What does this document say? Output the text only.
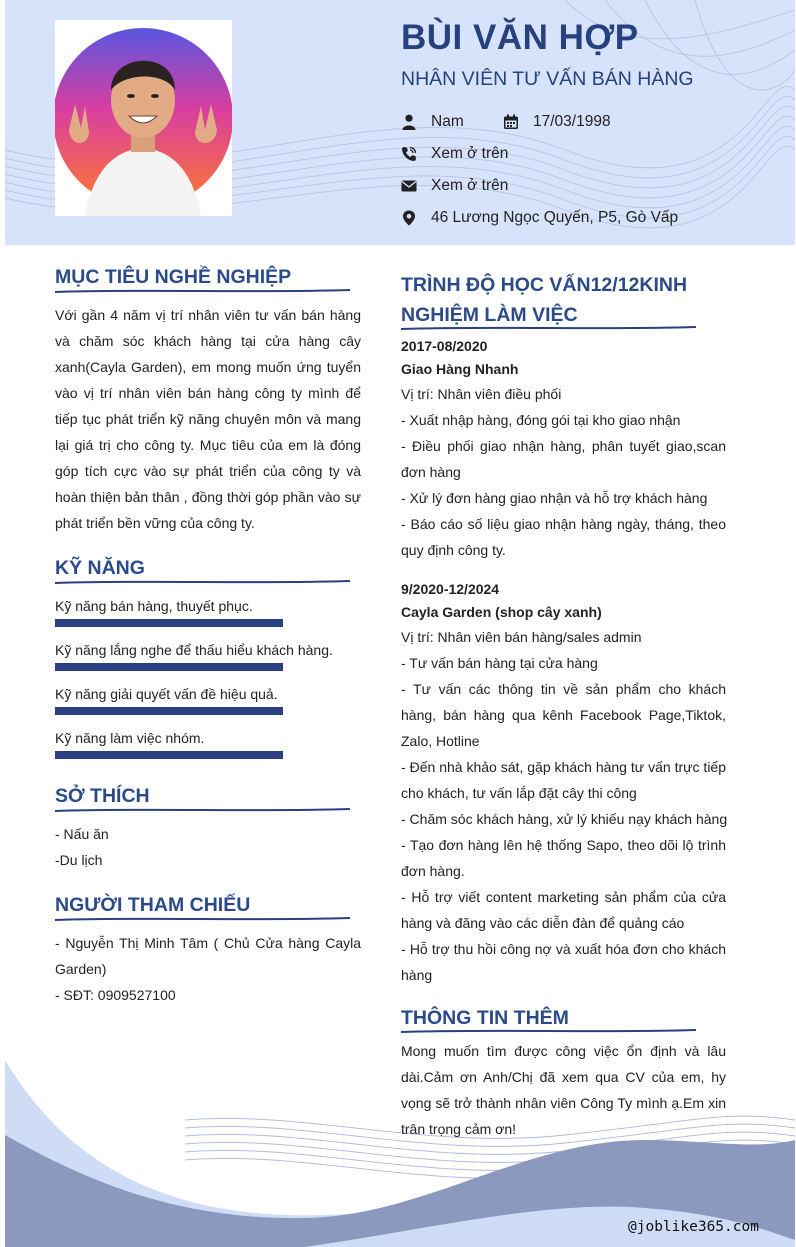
BÙI VĂN HỢP
NHÂN VIÊN TƯ VẤN BÁN HÀNG
Nam	17/03/1998
Xem ở trên
Xem ở trên
46 Lương Ngọc Quyến, P5, Gò Vấp
MỤC TIÊU NGHỀ NGHIỆP
Với gần 4 năm vị trí nhân viên tư vấn bán hàng và chăm sóc khách hàng tại cửa hàng cây xanh(Cayla Garden), em mong muốn ứng tuyển vào vị trí nhân viên bán hàng công ty mình để tiếp tục phát triển kỹ năng chuyên môn và mang lại giá trị cho công ty. Mục tiêu của em là đóng góp tích cực vào sự phát triển của công ty và hoàn thiện bản thân , đồng thời góp phần vào sự phát triển bền vững của công ty.
KỸ NĂNG
Kỹ năng bán hàng, thuyết phục.
Kỹ năng lắng nghe để thấu hiểu khách hàng.
Kỹ năng giải quyết vấn đề hiệu quả.
Kỹ năng làm việc nhóm.
SỞ THÍCH
- Nấu ăn
-Du lịch
NGƯỜI THAM CHIẾU
- Nguyễn Thị Minh Tâm ( Chủ Cửa hàng Cayla Garden)
- SĐT: 0909527100
TRÌNH ĐỘ HỌC VẤN12/12KINH
NGHIỆM LÀM VIỆC
2017-08/2020
Giao Hàng Nhanh
Vị trí: Nhân viên điều phối
- Xuất nhập hàng, đóng gói tại kho giao nhận
- Điều phối giao nhận hàng, phân tuyết giao,scan đơn hàng
- Xử lý đơn hàng giao nhận và hỗ trợ khách hàng
- Báo cáo số liệu giao nhận hàng ngày, tháng, theo quy định công ty.
9/2020-12/2024
Cayla Garden (shop cây xanh)
Vị trí: Nhân viên bán hàng/sales admin
- Tư vấn bán hàng tại cửa hàng
- Tư vấn các thông tin về sản phẩm cho khách hàng, bán hàng qua kênh Facebook Page,Tiktok, Zalo, Hotline
- Đến nhà khảo sát, gặp khách hàng tư vấn trực tiếp cho khách, tư vấn lắp đặt cây thi công
- Chăm sóc khách hàng, xử lý khiếu nạy khách hàng
- Tạo đơn hàng lên hệ thống Sapo, theo dõi lộ trình đơn hàng.
- Hỗ trợ viết content marketing sản phẩm của cửa hàng và đăng vào các diễn đàn để quảng cáo
- Hỗ trợ thu hồi công nợ và xuất hóa đơn cho khách hàng
THÔNG TIN THÊM
Mong muốn tìm được công việc ổn định và lâu dài.Cảm ơn Anh/Chị đã xem qua CV của em, hy vọng sẽ trở thành nhân viên Công Ty mình ạ.Em xin trân trọng cảm ơn!
@joblike365.com
